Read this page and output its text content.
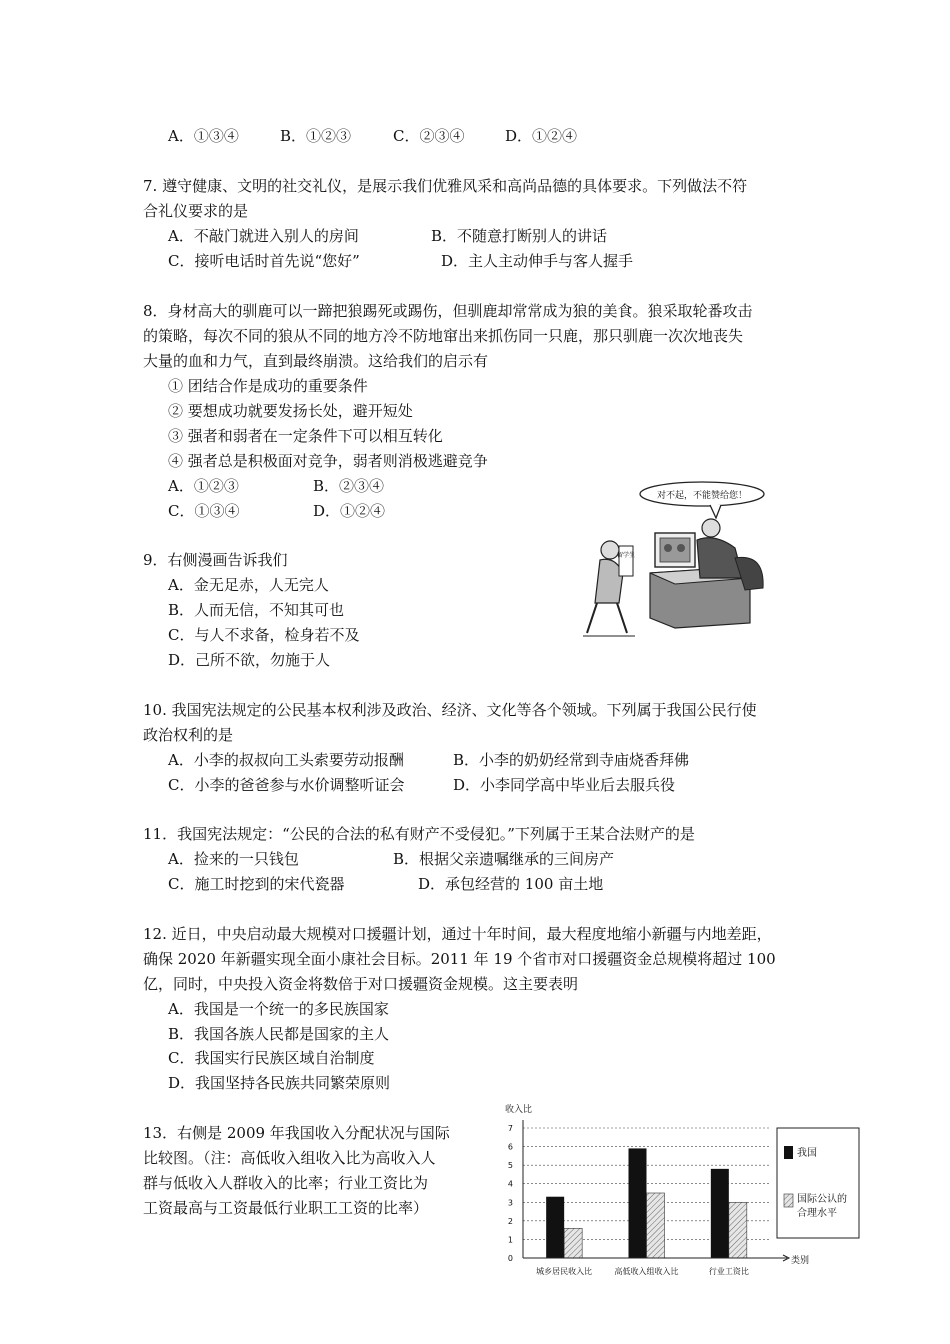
A．①③④	B．①②③	C．②③④	D．①②④
7. 遵守健康、文明的社交礼仪，是展示我们优雅风采和高尚品德的具体要求。下列做法不符
合礼仪要求的是
A．不敲门就进入别人的房间	B．不随意打断别人的讲话
C．接听电话时首先说“您好”	D．主人主动伸手与客人握手
8．身材高大的驯鹿可以一蹄把狼踢死或踢伤，但驯鹿却常常成为狼的美食。狼采取轮番攻击
的策略，每次不同的狼从不同的地方冷不防地窜出来抓伤同一只鹿，那只驯鹿一次次地丧失
大量的血和力气，直到最终崩溃。这给我们的启示有
① 团结合作是成功的重要条件
② 要想成功就要发扬长处，避开短处
③ 强者和弱者在一定条件下可以相互转化
④ 强者总是积极面对竞争，弱者则消极逃避竞争
A．①②③	B．②③④
C．①③④	D．①②④
9．右侧漫画告诉我们
A．金无足赤，人无完人
B．人而无信，不知其可也
C．与人不求备，检身若不及
D．己所不欲，勿施于人
对不起，不能赞给您！
留学生
10. 我国宪法规定的公民基本权利涉及政治、经济、文化等各个领域。下列属于我国公民行使
政治权利的是
A．小李的叔叔向工头索要劳动报酬	B．小李的奶奶经常到寺庙烧香拜佛
C．小李的爸爸参与水价调整听证会	D．小李同学高中毕业后去服兵役
11．我国宪法规定：“公民的合法的私有财产不受侵犯。”下列属于王某合法财产的是
A．捡来的一只钱包	B．根据父亲遗嘱继承的三间房产
C．施工时挖到的宋代瓷器	D．承包经营的 100 亩土地
12. 近日，中央启动最大规模对口援疆计划，通过十年时间，最大程度地缩小新疆与内地差距，
确保 2020 年新疆实现全面小康社会目标。2011 年 19 个省市对口援疆资金总规模将超过 100
亿，同时，中央投入资金将数倍于对口援疆资金规模。这主要表明
A．我国是一个统一的多民族国家
B．我国各族人民都是国家的主人
C．我国实行民族区域自治制度
D．我国坚持各民族共同繁荣原则
13．右侧是 2009 年我国收入分配状况与国际
比较图。（注：高低收入组收入比为高收入人
群与低收入人群收入的比率；行业工资比为
工资最高与工资最低行业职工工资的比率）
收入比
类别
0
1
2
3
4
5
6
7
城乡居民收入比	高低收入组收入比	行业工资比
我国
国际公认的
合理水平
